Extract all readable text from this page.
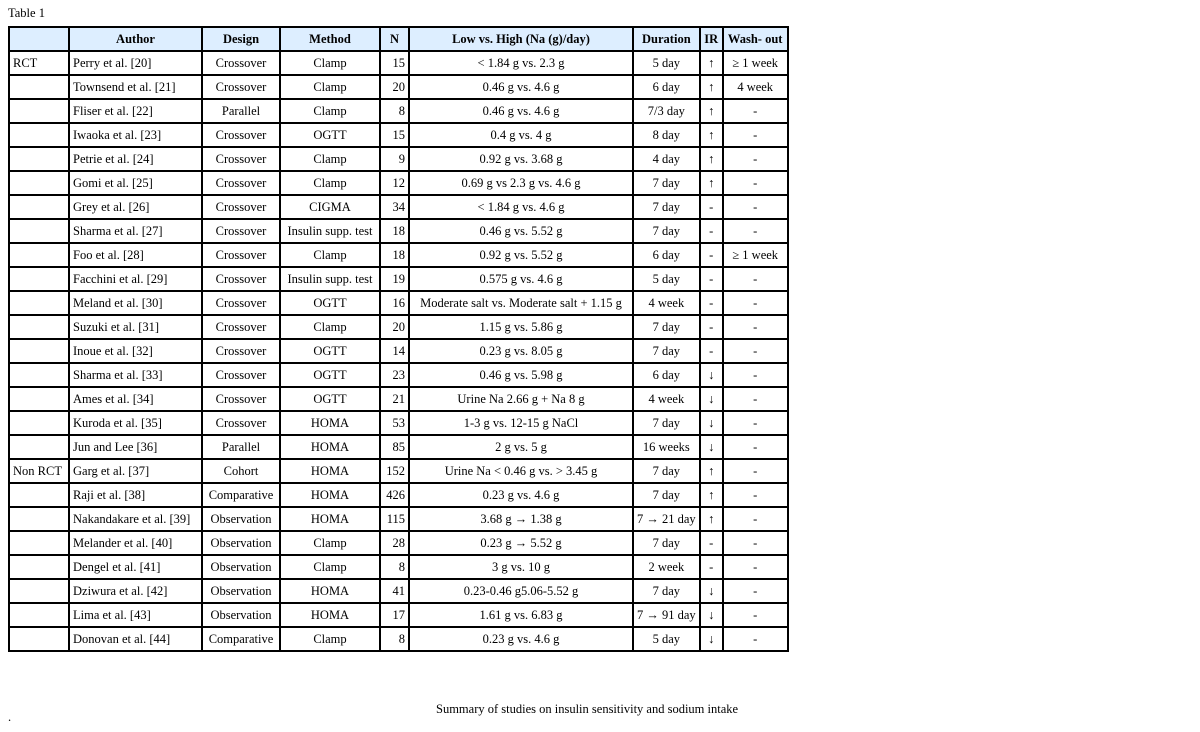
Table 1
	Author	Design	Method	N	Low vs. High (Na (g)/day)	Duration	IR	Wash- out
RCT	Perry et al. [20]	Crossover	Clamp	15	< 1.84 g vs. 2.3 g	5 day	↑	≥ 1 week
	Townsend et al. [21]	Crossover	Clamp	20	0.46 g vs. 4.6 g	6 day	↑	4 week
	Fliser et al. [22]	Parallel	Clamp	8	0.46 g vs. 4.6 g	7/3 day	↑	-
	Iwaoka et al. [23]	Crossover	OGTT	15	0.4 g vs. 4 g	8 day	↑	-
	Petrie et al. [24]	Crossover	Clamp	9	0.92 g vs. 3.68 g	4 day	↑	-
	Gomi et al. [25]	Crossover	Clamp	12	0.69 g vs 2.3 g vs. 4.6 g	7 day	↑	-
	Grey et al. [26]	Crossover	CIGMA	34	< 1.84 g vs. 4.6 g	7 day	-	-
	Sharma et al. [27]	Crossover	Insulin supp. test	18	0.46 g vs. 5.52 g	7 day	-	-
	Foo et al. [28]	Crossover	Clamp	18	0.92 g vs. 5.52 g	6 day	-	≥ 1 week
	Facchini et al. [29]	Crossover	Insulin supp. test	19	0.575 g vs. 4.6 g	5 day	-	-
	Meland et al. [30]	Crossover	OGTT	16	Moderate salt vs. Moderate salt + 1.15 g	4 week	-	-
	Suzuki et al. [31]	Crossover	Clamp	20	1.15 g vs. 5.86 g	7 day	-	-
	Inoue et al. [32]	Crossover	OGTT	14	0.23 g vs. 8.05 g	7 day	-	-
	Sharma et al. [33]	Crossover	OGTT	23	0.46 g vs. 5.98 g	6 day	↓	-
	Ames et al. [34]	Crossover	OGTT	21	Urine Na 2.66 g + Na 8 g	4 week	↓	-
	Kuroda et al. [35]	Crossover	HOMA	53	1-3 g vs. 12-15 g NaCl	7 day	↓	-
	Jun and Lee [36]	Parallel	HOMA	85	2 g vs. 5 g	16 weeks	↓	-
Non RCT	Garg et al. [37]	Cohort	HOMA	152	Urine Na < 0.46 g vs. > 3.45 g	7 day	↑	-
	Raji et al. [38]	Comparative	HOMA	426	0.23 g vs. 4.6 g	7 day	↑	-
	Nakandakare et al. [39]	Observation	HOMA	115	3.68 g → 1.38 g	7 → 21 day	↑	-
	Melander et al. [40]	Observation	Clamp	28	0.23 g → 5.52 g	7 day	-	-
	Dengel et al. [41]	Observation	Clamp	8	3 g vs. 10 g	2 week	-	-
	Dziwura et al. [42]	Observation	HOMA	41	0.23-0.46 g5.06-5.52 g	7 day	↓	-
	Lima et al. [43]	Observation	HOMA	17	1.61 g vs. 6.83 g	7 → 91 day	↓	-
	Donovan et al. [44]	Comparative	Clamp	8	0.23 g vs. 4.6 g	5 day	↓	-
Summary of studies on insulin sensitivity and sodium intake
.
